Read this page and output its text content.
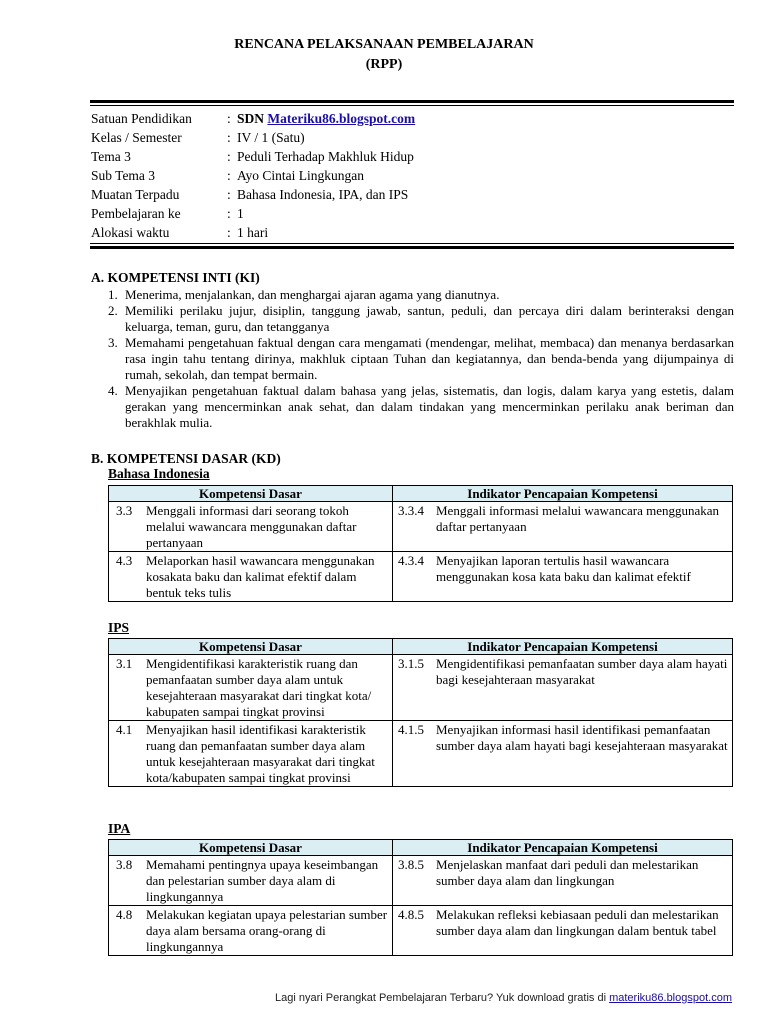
RENCANA PELAKSANAAN PEMBELAJARAN
(RPP)
Satuan Pendidikan	: SDN Materiku86.blogspot.com
Kelas / Semester	: IV / 1 (Satu)
Tema 3	: Peduli Terhadap Makhluk Hidup
Sub Tema 3	: Ayo Cintai Lingkungan
Muatan Terpadu	: Bahasa Indonesia, IPA, dan IPS
Pembelajaran ke	: 1
Alokasi waktu	: 1 hari
A. KOMPETENSI INTI (KI)
1. Menerima, menjalankan, dan menghargai ajaran agama yang dianutnya.
2. Memiliki perilaku jujur, disiplin, tanggung jawab, santun, peduli, dan percaya diri dalam berinteraksi dengan keluarga, teman, guru, dan tetangganya
3. Memahami pengetahuan faktual dengan cara mengamati (mendengar, melihat, membaca) dan menanya berdasarkan rasa ingin tahu tentang dirinya, makhluk ciptaan Tuhan dan kegiatannya, dan benda-benda yang dijumpainya di rumah, sekolah, dan tempat bermain.
4. Menyajikan pengetahuan faktual dalam bahasa yang jelas, sistematis, dan logis, dalam karya yang estetis, dalam gerakan yang mencerminkan anak sehat, dan dalam tindakan yang mencerminkan perilaku anak beriman dan berakhlak mulia.
B. KOMPETENSI DASAR (KD)
Bahasa Indonesia
Kompetensi Dasar	Indikator Pencapaian Kompetensi

3.3 Menggali informasi dari seorang tokoh melalui wawancara menggunakan daftar pertanyaan	3.3.4 Menggali informasi melalui wawancara menggunakan daftar pertanyaan

4.3 Melaporkan hasil wawancara menggunakan kosakata baku dan kalimat efektif dalam bentuk teks tulis	4.3.4 Menyajikan laporan tertulis hasil wawancara menggunakan kosa kata baku dan kalimat efektif
IPS
Kompetensi Dasar	Indikator Pencapaian Kompetensi

3.1 Mengidentifikasi karakteristik ruang dan pemanfaatan sumber daya alam untuk kesejahteraan masyarakat dari tingkat kota/ kabupaten sampai tingkat provinsi	3.1.5 Mengidentifikasi pemanfaatan sumber daya alam hayati bagi kesejahteraan masyarakat

4.1 Menyajikan hasil identifikasi karakteristik ruang dan pemanfaatan sumber daya alam untuk kesejahteraan masyarakat dari tingkat kota/kabupaten sampai tingkat provinsi	4.1.5 Menyajikan informasi hasil identifikasi pemanfaatan sumber daya alam hayati bagi kesejahteraan masyarakat
IPA
Kompetensi Dasar	Indikator Pencapaian Kompetensi

3.8 Memahami pentingnya upaya keseimbangan dan pelestarian sumber daya alam di lingkungannya	3.8.5 Menjelaskan manfaat dari peduli dan melestarikan sumber daya alam dan lingkungan

4.8 Melakukan kegiatan upaya pelestarian sumber daya alam bersama orang-orang di lingkungannya	4.8.5 Melakukan refleksi kebiasaan peduli dan melestarikan sumber daya alam dan lingkungan dalam bentuk tabel
Lagi nyari Perangkat Pembelajaran Terbaru? Yuk download gratis di materiku86.blogspot.com
